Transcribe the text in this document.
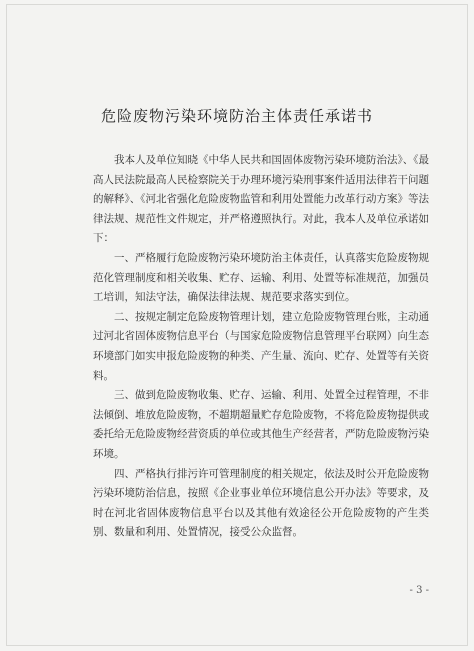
危险废物污染环境防治主体责任承诺书

我本人及单位知晓《中华人民共和国固体废物污染环境防治法》、《最高人民法院最高人民检察院关于办理环境污染刑事案件适用法律若干问题的解释》、《河北省强化危险废物监管和利用处置能力改革行动方案》等法律法规、规范性文件规定，并严格遵照执行。对此，我本人及单位承诺如下：

一、严格履行危险废物污染环境防治主体责任，认真落实危险废物规范化管理制度和相关收集、贮存、运输、利用、处置等标准规范，加强员工培训，知法守法，确保法律法规、规范要求落实到位。

二、按规定制定危险废物管理计划，建立危险废物管理台账，主动通过河北省固体废物信息平台（与国家危险废物信息管理平台联网）向生态环境部门如实申报危险废物的种类、产生量、流向、贮存、处置等有关资料。

三、做到危险废物收集、贮存、运输、利用、处置全过程管理，不非法倾倒、堆放危险废物，不超期超量贮存危险废物，不将危险废物提供或委托给无危险废物经营资质的单位或其他生产经营者，严防危险废物污染环境。

四、严格执行排污许可管理制度的相关规定，依法及时公开危险废物污染环境防治信息，按照《企业事业单位环境信息公开办法》等要求，及时在河北省固体废物信息平台以及其他有效途径公开危险废物的产生类别、数量和利用、处置情况，接受公众监督。

- 3 -
